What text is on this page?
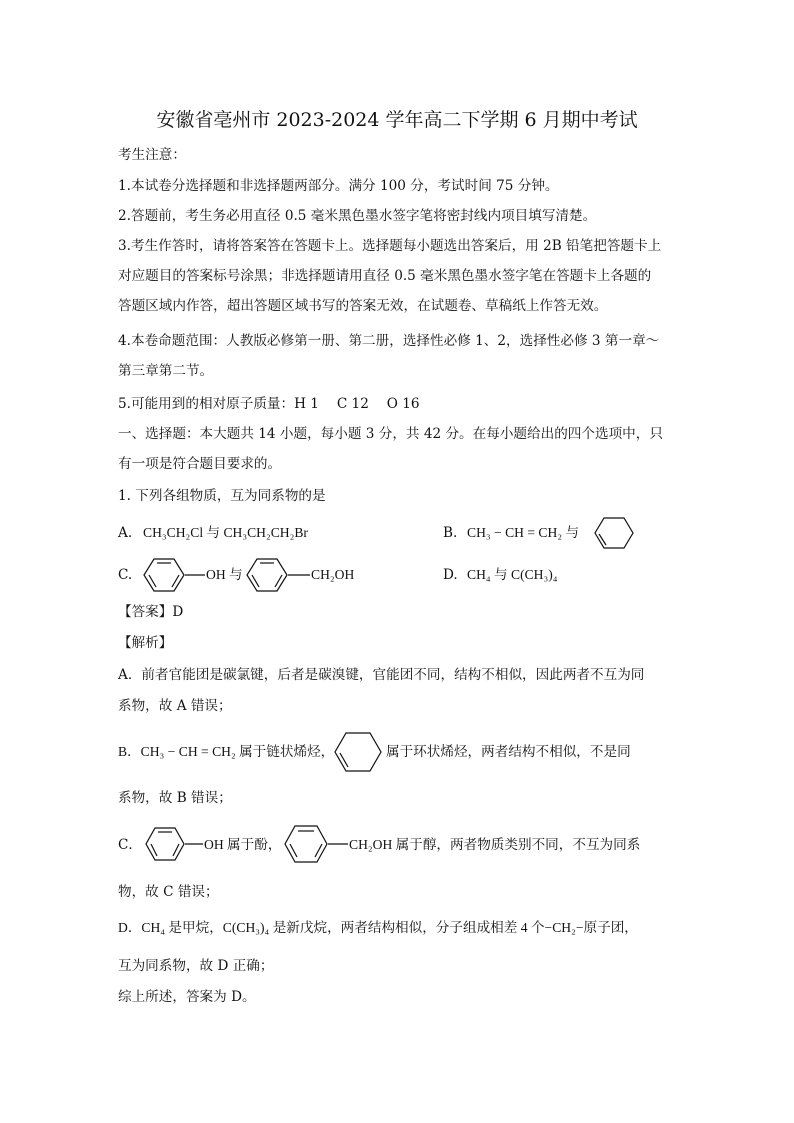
安徽省亳州市 2023-2024 学年高二下学期 6 月期中考试
考生注意：
1.本试卷分选择题和非选择题两部分。满分 100 分，考试时间 75 分钟。
2.答题前，考生务必用直径 0.5 毫米黑色墨水签字笔将密封线内项目填写清楚。
3.考生作答时，请将答案答在答题卡上。选择题每小题选出答案后，用 2B 铅笔把答题卡上
对应题目的答案标号涂黑；非选择题请用直径 0.5 毫米黑色墨水签字笔在答题卡上各题的
答题区域内作答，超出答题区域书写的答案无效，在试题卷、草稿纸上作答无效。
4.本卷命题范围：人教版必修第一册、第二册，选择性必修 1、2，选择性必修 3 第一章～
第三章第二节。
5.可能用到的相对原子质量：H 1　 C 12　 O 16
一、选择题：本大题共 14 小题，每小题 3 分，共 42 分。在每小题给出的四个选项中，只
有一项是符合题目要求的。
1. 下列各组物质，互为同系物的是
A. CH₃CH₂Cl 与 CH₃CH₂CH₂Br	B. CH₃ − CH = CH₂ 与
C.	OH 与	CH₂OH	D. CH₄ 与 C(CH₃)₄
【答案】D
【解析】
A．前者官能团是碳氯键，后者是碳溴键，官能团不同，结构不相似，因此两者不互为同
系物，故 A 错误；
B．CH₃ − CH = CH₂ 属于链状烯烃，	属于环状烯烃，两者结构不相似，不是同
系物，故 B 错误；
C．	OH 属于酚，	CH₂OH 属于醇，两者物质类别不同，不互为同系
物，故 C 错误；
D．CH₄ 是甲烷，C(CH₃)₄ 是新戊烷，两者结构相似，分子组成相差 4 个−CH₂−原子团，
互为同系物，故 D 正确；
综上所述，答案为 D。
